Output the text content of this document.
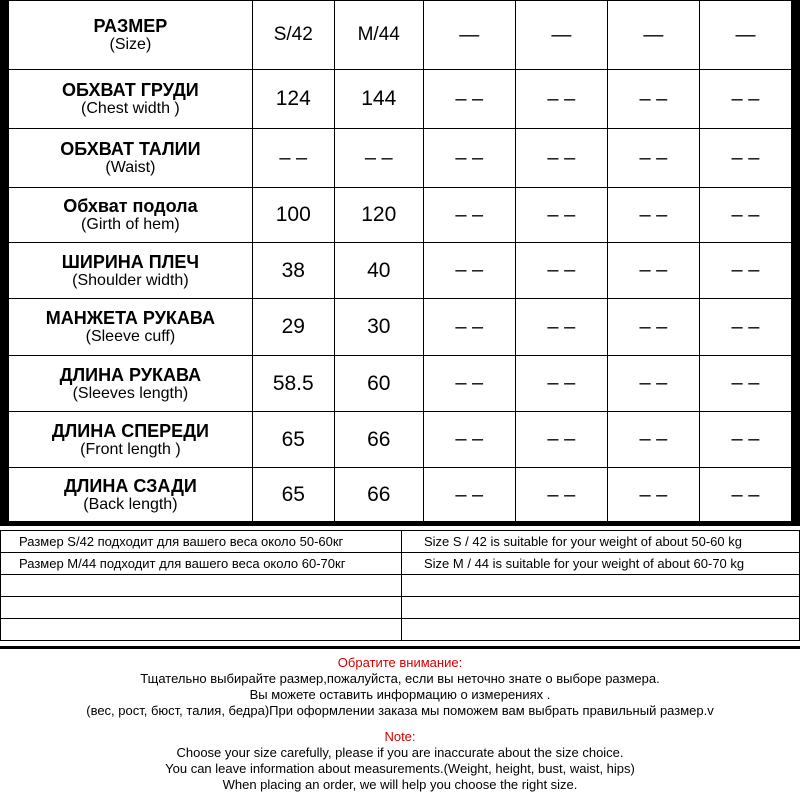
РАЗМЕР
(Size)	S/42	M/44	—	—	—	—

ОБХВАТ ГРУДИ
(Chest width )	124	144	– –	– –	– –	– –

ОБХВАТ ТАЛИИ
(Waist)	– –	– –	– –	– –	– –	– –

Обхват подола
(Girth of hem)	100	120	– –	– –	– –	– –

ШИРИНА ПЛЕЧ
(Shoulder width)	38	40	– –	– –	– –	– –

МАНЖЕТА РУКАВА
(Sleeve cuff)	29	30	– –	– –	– –	– –

ДЛИНА РУКАВА
(Sleeves length)	58.5	60	– –	– –	– –	– –

ДЛИНА СПЕРЕДИ
(Front length )	65	66	– –	– –	– –	– –

ДЛИНА СЗАДИ
(Back length)	65	66	– –	– –	– –	– –
Размер S/42 подходит для вашего веса около 50-60кг	Size S / 42 is suitable for your weight of about 50-60 kg
Размер M/44 подходит для вашего веса около 60-70кг	Size M / 44 is suitable for your weight of about 60-70 kg

Обратите внимание:
Тщательно выбирайте размер,пожалуйста, если вы неточно знате о выборе размера.
Вы можете оставить информацию о измерениях .
(вес, рост, бюст, талия, бедра)При оформлении заказа мы поможем вам выбрать правильный размер.v
Note:
Choose your size carefully, please if you are inaccurate about the size choice.
You can leave information about measurements.(Weight, height, bust, waist, hips)
When placing an order, we will help you choose the right size.
